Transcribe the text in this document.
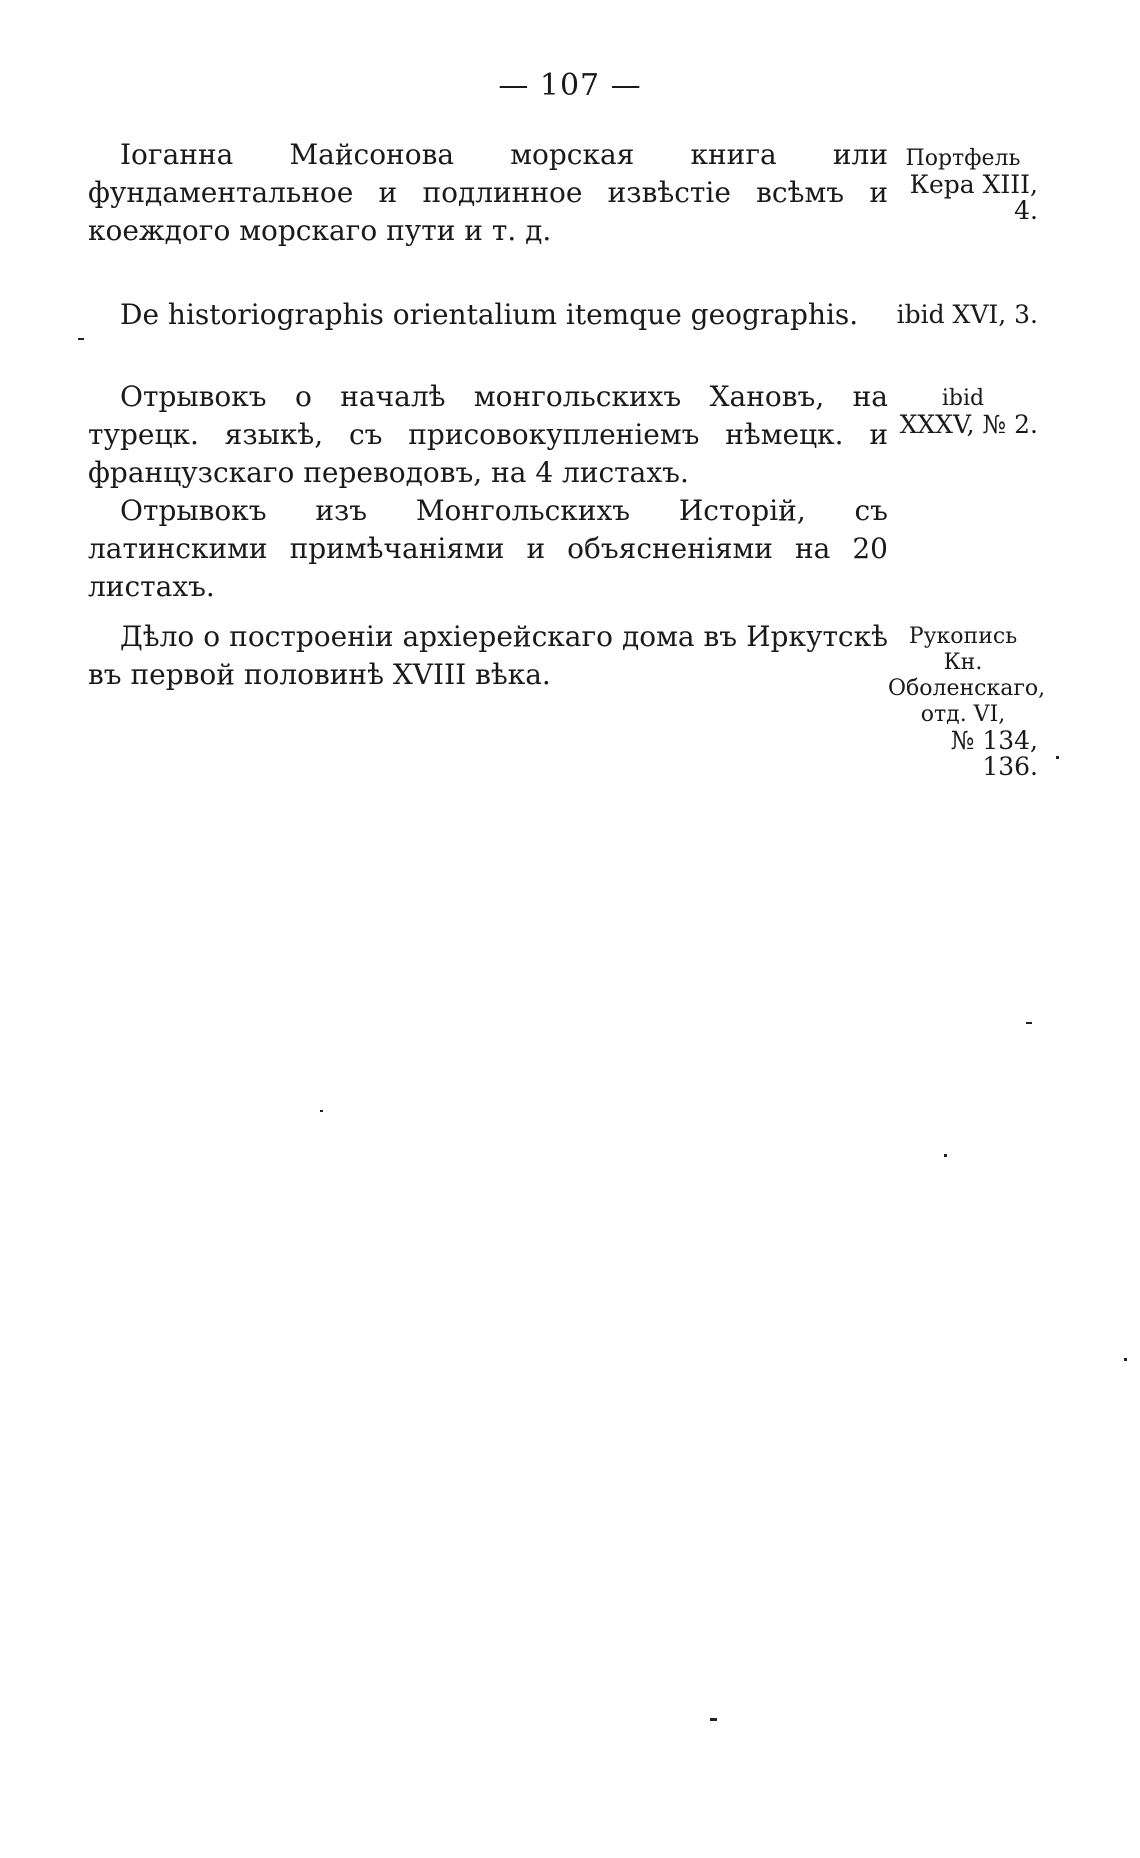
— 107 —

Іоганна Майсонова морская книга или фундаментальное и подлинное извѣстіе всѣмъ и коеждого морскаго пути и т. д.

Портфель
Кера XIII, 4.

De historiographis orientalium itemque geographis.	ibid XVI, 3.

Отрывокъ о началѣ монгольскихъ Хановъ, на турецк. языкѣ, съ присовокупленіемъ нѣмецк. и французскаго переводовъ, на 4 листахъ.

Отрывокъ изъ Монгольскихъ Исторій, съ латинскими примѣчаніями и объясненіями на 20 листахъ.

ibid
XXXV, № 2.

Дѣло о построеніи архіерейскаго дома въ Иркутскѣ въ первой половинѣ XVIII вѣка.

Рукопись Кн.
Оболенскаго,
отд. VI,
№ 134, 136.
